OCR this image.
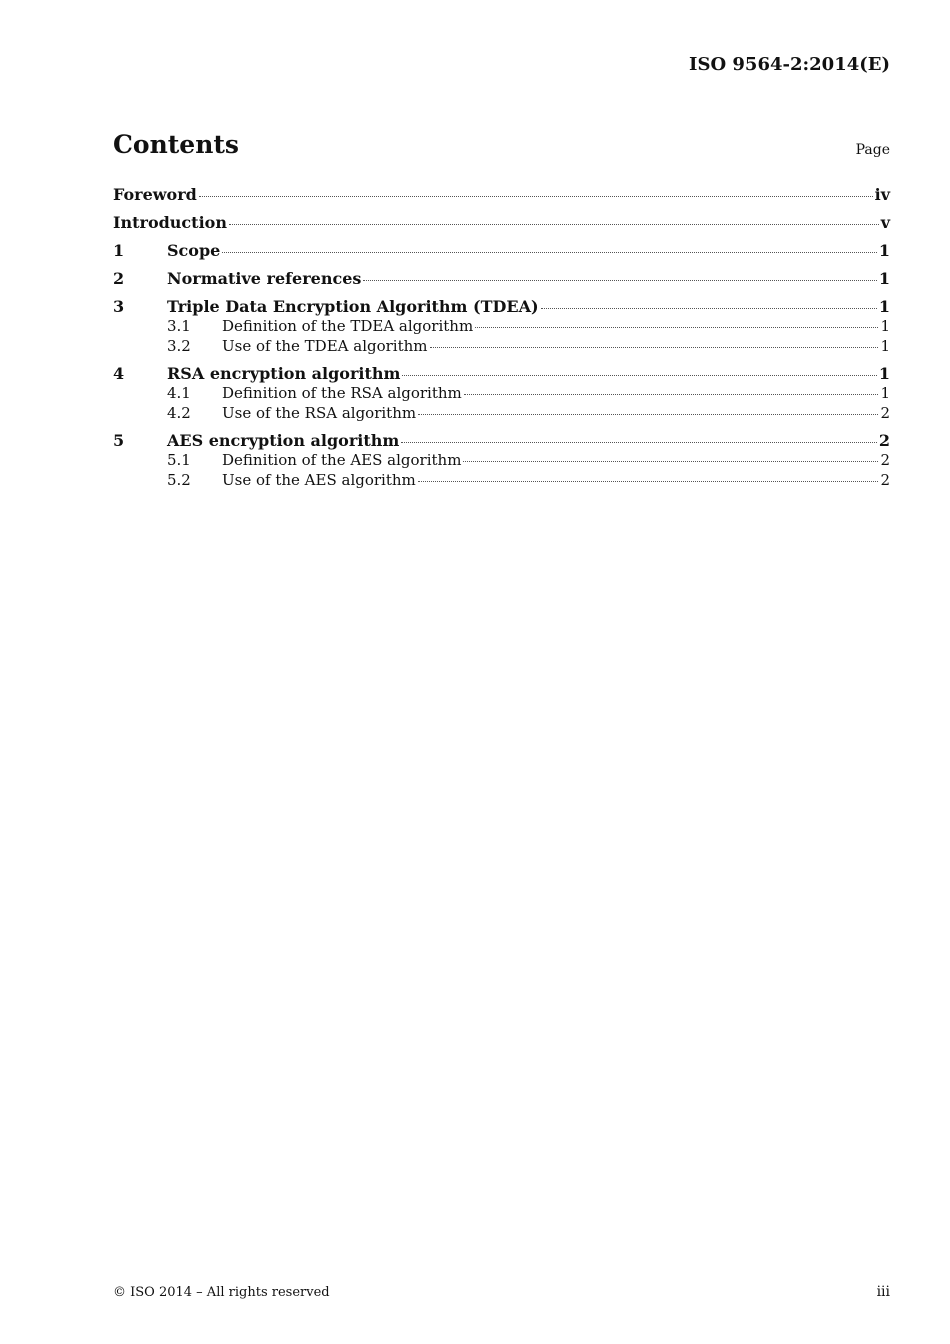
ISO 9564-2:2014(E)
Contents	Page
Foreword	iv
Introduction	v
1	Scope	1
2	Normative references	1
3	Triple Data Encryption Algorithm (TDEA)	1
3.1	Definition of the TDEA algorithm	1
3.2	Use of the TDEA algorithm	1
4	RSA encryption algorithm	1
4.1	Definition of the RSA algorithm	1
4.2	Use of the RSA algorithm	2
5	AES encryption algorithm	2
5.1	Definition of the AES algorithm	2
5.2	Use of the AES algorithm	2
© ISO 2014 – All rights reserved	iii
